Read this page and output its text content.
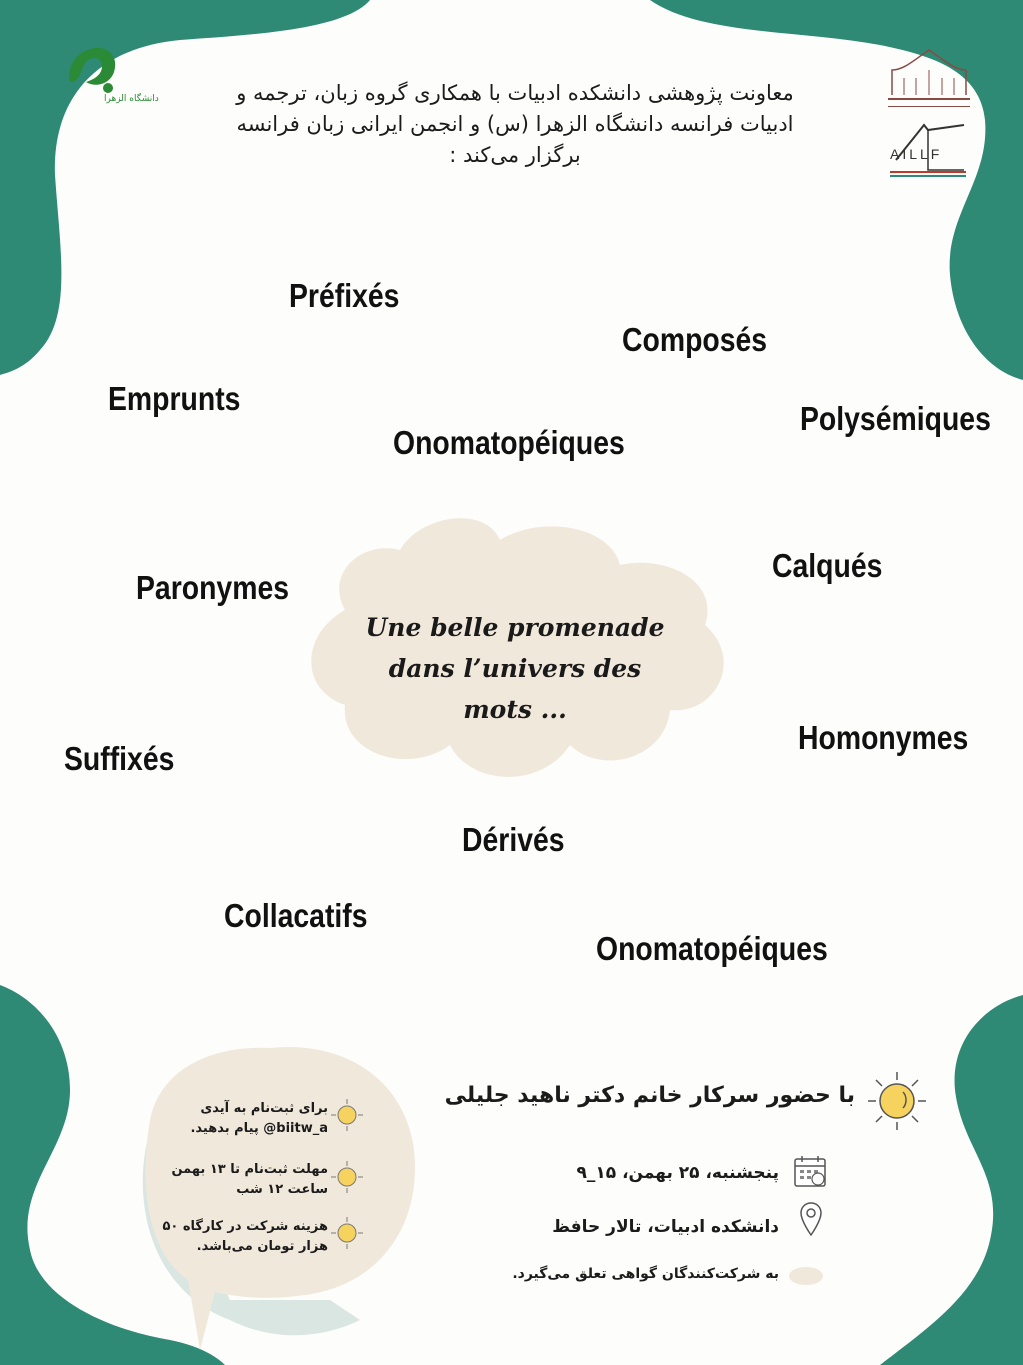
دانشگاه الزهرا
AILLF
معاونت پژوهشی دانشکده ادبیات با همکاری گروه زبان، ترجمه و
ادبیات فرانسه دانشگاه الزهرا (س) و انجمن ایرانی زبان فرانسه
برگزار می‌کند :
Préfixés
Composés
Emprunts
Onomatopéiques
Polysémiques
Calqués
Paronymes
Homonymes
Suffixés
Dérivés
Collacatifs
Onomatopéiques
Une belle promenade
dans l’univers des
mots ...
با حضور سرکار خانم دکتر ناهید جلیلی
پنجشنبه، ۲۵ بهمن، ۱۵_۹
دانشکده ادبیات، تالار حافظ
به شرکت‌کنندگان گواهی تعلق می‌گیرد.
برای ثبت‌نام به آیدی biitw_a@ پیام بدهید.
مهلت ثبت‌نام تا ۱۳ بهمن ساعت ۱۲ شب
هزینه شرکت در کارگاه ۵۰ هزار تومان می‌باشد.
